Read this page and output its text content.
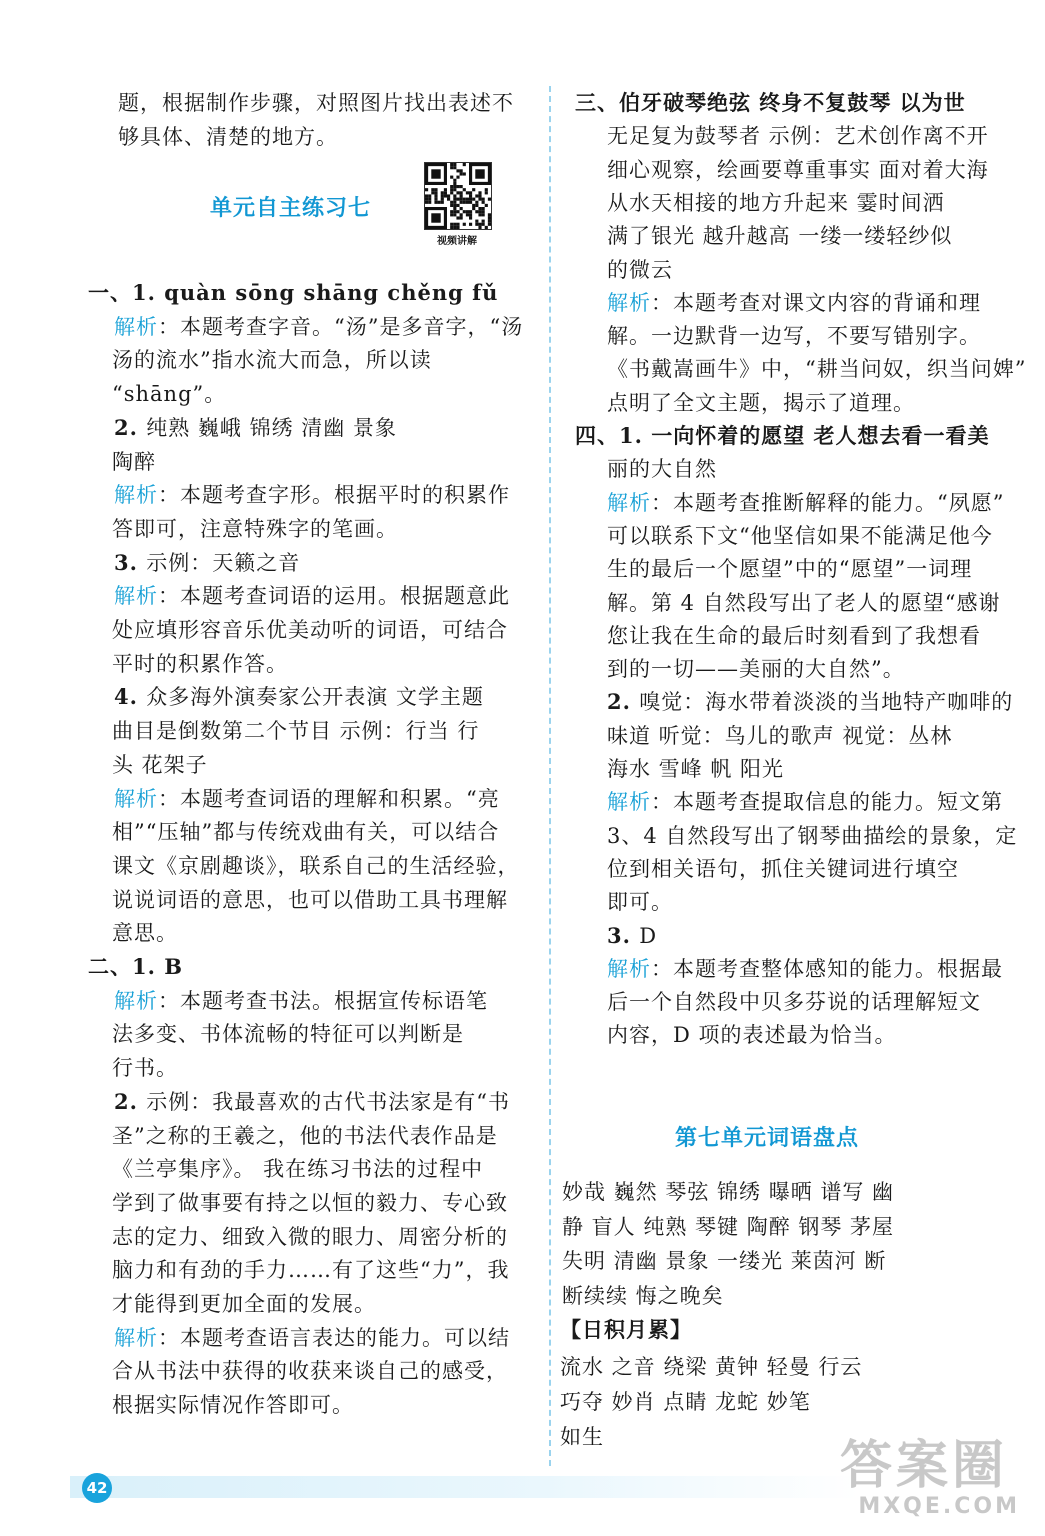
题，根据制作步骤，对照图片找出表述不
够具体、清楚的地方。
一、1. quàn sōng shāng chěng fǔ
解析：本题考查字音。“汤”是多音字，“汤
汤的流水”指水流大而急，所以读
“shāng”。
2. 纯熟 巍峨 锦绣 清幽 景象
陶醉
解析：本题考查字形。根据平时的积累作
答即可，注意特殊字的笔画。
3. 示例：天籁之音
解析：本题考查词语的运用。根据题意此
处应填形容音乐优美动听的词语，可结合
平时的积累作答。
4. 众多海外演奏家公开表演 文学主题
曲目是倒数第二个节目 示例：行当 行
头 花架子
解析：本题考查词语的理解和积累。“亮
相”“压轴”都与传统戏曲有关，可以结合
课文《京剧趣谈》，联系自己的生活经验，
说说词语的意思，也可以借助工具书理解
意思。
二、1. B
解析：本题考查书法。根据宣传标语笔
法多变、书体流畅的特征可以判断是
行书。
2. 示例：我最喜欢的古代书法家是有“书
圣”之称的王羲之，他的书法代表作品是
《兰亭集序》。 我在练习书法的过程中
学到了做事要有持之以恒的毅力、专心致
志的定力、细致入微的眼力、周密分析的
脑力和有劲的手力……有了这些“力”，我
才能得到更加全面的发展。
解析：本题考查语言表达的能力。可以结
合从书法中获得的收获来谈自己的感受，
根据实际情况作答即可。
三、伯牙破琴绝弦 终身不复鼓琴 以为世
无足复为鼓琴者 示例：艺术创作离不开
细心观察，绘画要尊重事实 面对着大海
从水天相接的地方升起来 霎时间洒
满了银光 越升越高 一缕一缕轻纱似
的微云
解析：本题考查对课文内容的背诵和理
解。一边默背一边写，不要写错别字。
《书戴嵩画牛》中，“耕当问奴，织当问婢”
点明了全文主题，揭示了道理。
四、1. 一向怀着的愿望 老人想去看一看美
丽的大自然
解析：本题考查推断解释的能力。“夙愿”
可以联系下文“他坚信如果不能满足他今
生的最后一个愿望”中的“愿望”一词理
解。第 4 自然段写出了老人的愿望“感谢
您让我在生命的最后时刻看到了我想看
到的一切——美丽的大自然”。
2. 嗅觉：海水带着淡淡的当地特产咖啡的
味道 听觉：鸟儿的歌声 视觉：丛林
海水 雪峰 帆 阳光
解析：本题考查提取信息的能力。短文第
3、4 自然段写出了钢琴曲描绘的景象，定
位到相关语句，抓住关键词进行填空
即可。
3. D
解析：本题考查整体感知的能力。根据最
后一个自然段中贝多芬说的话理解短文
内容，D 项的表述最为恰当。
妙哉 巍然 琴弦 锦绣 曝晒 谱写 幽
静 盲人 纯熟 琴键 陶醉 钢琴 茅屋
失明 清幽 景象 一缕光 莱茵河 断
断续续 悔之晚矣
【日积月累】
流水 之音 绕梁 黄钟 轻曼 行云
巧夺 妙肖 点睛 龙蛇 妙笔
如生
单元自主练习七
视频讲解
第七单元词语盘点
42	答案圈
MXQE.COM
